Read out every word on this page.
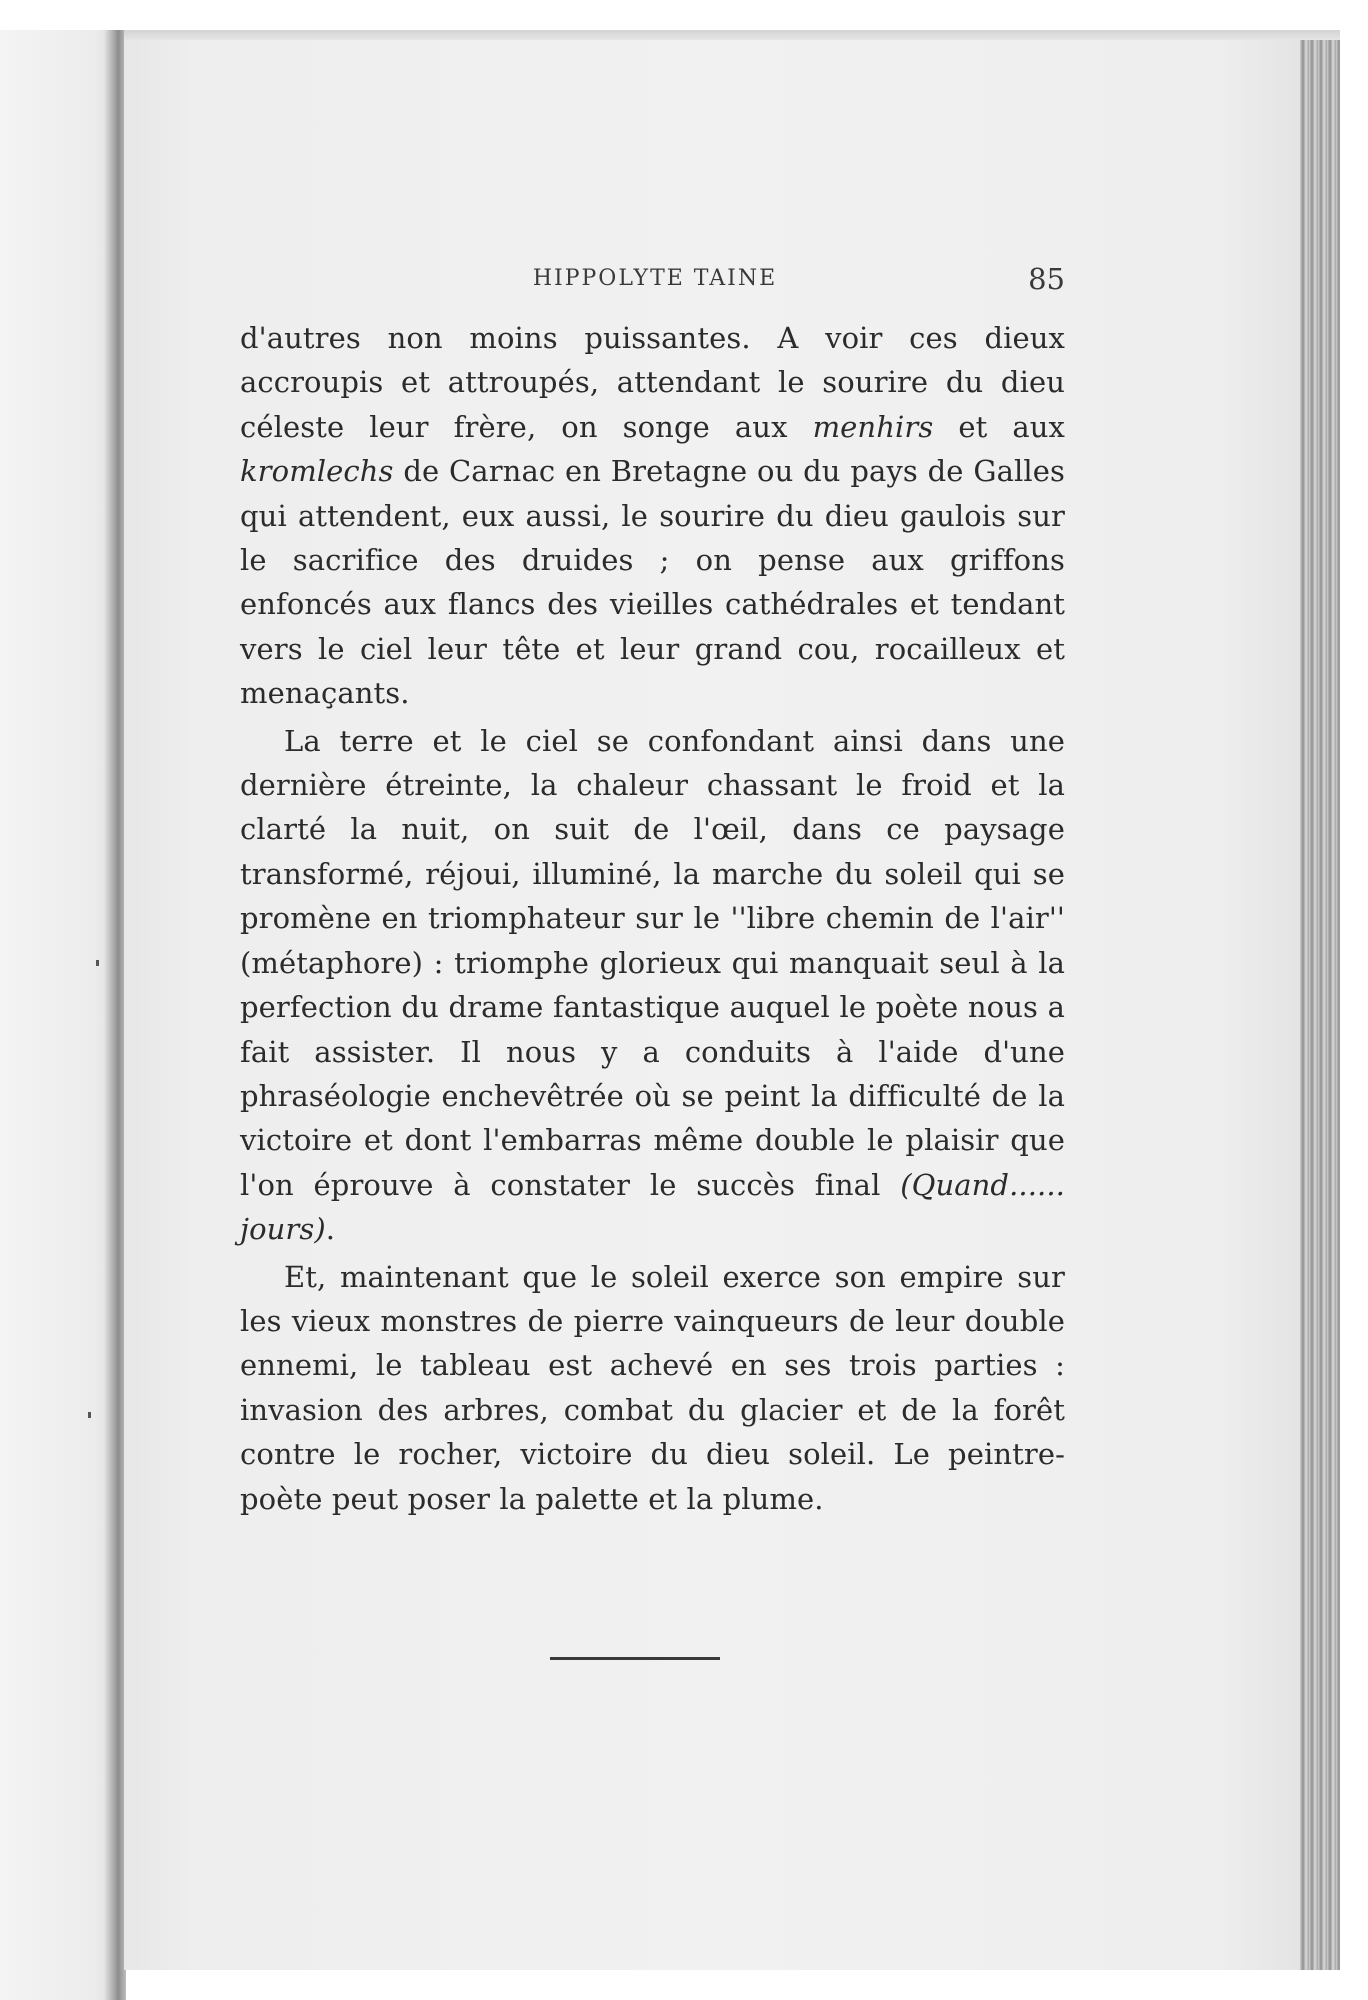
HIPPOLYTE TAINE	85

d'autres non moins puissantes. A voir ces dieux accroupis et attroupés, attendant le sourire du dieu céleste leur frère, on songe aux menhirs et aux kromlechs de Carnac en Bretagne ou du pays de Galles qui attendent, eux aussi, le sourire du dieu gaulois sur le sacrifice des druides ; on pense aux griffons enfoncés aux flancs des vieilles cathédrales et tendant vers le ciel leur tête et leur grand cou, rocailleux et menaçants.

La terre et le ciel se confondant ainsi dans une dernière étreinte, la chaleur chassant le froid et la clarté la nuit, on suit de l'œil, dans ce paysage transformé, réjoui, illuminé, la marche du soleil qui se promène en triomphateur sur le ''libre chemin de l'air'' (métaphore) : triomphe glorieux qui manquait seul à la perfection du drame fantastique auquel le poète nous a fait assister. Il nous y a conduits à l'aide d'une phraséologie enchevêtrée où se peint la difficulté de la victoire et dont l'embarras même double le plaisir que l'on éprouve à constater le succès final (Quand...... jours).

Et, maintenant que le soleil exerce son empire sur les vieux monstres de pierre vainqueurs de leur double ennemi, le tableau est achevé en ses trois parties : invasion des arbres, combat du glacier et de la forêt contre le rocher, victoire du dieu soleil. Le peintre-poète peut poser la palette et la plume.
